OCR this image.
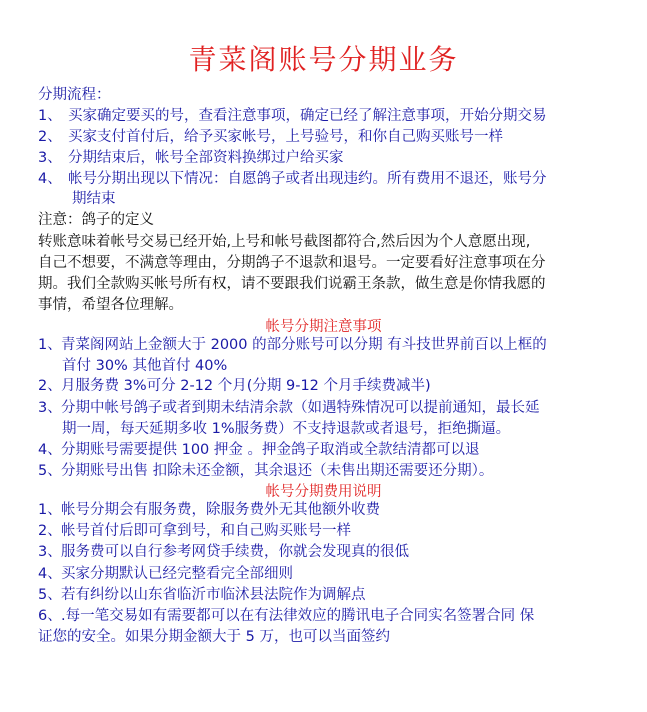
青菜阁账号分期业务
分期流程：
1、 买家确定要买的号，查看注意事项，确定已经了解注意事项，开始分期交易
2、 买家支付首付后，给予买家帐号，上号验号，和你自己购买账号一样
3、 分期结束后，帐号全部资料换绑过户给买家
4、 帐号分期出现以下情况：自愿鸽子或者出现违约。所有费用不退还，账号分
期结束
注意：鸽子的定义
转账意味着帐号交易已经开始,上号和帐号截图都符合,然后因为个人意愿出现,
自己不想要，不满意等理由，分期鸽子不退款和退号。一定要看好注意事项在分
期。我们全款购买帐号所有权，请不要跟我们说霸王条款，做生意是你情我愿的
事情，希望各位理解。
帐号分期注意事项
1、青菜阁网站上金额大于 2000 的部分账号可以分期 有斗技世界前百以上框的
首付 30% 其他首付 40%
2、月服务费 3%可分 2-12 个月(分期 9-12 个月手续费减半)
3、分期中帐号鸽子或者到期未结清余款（如遇特殊情况可以提前通知，最长延
期一周，每天延期多收 1%服务费）不支持退款或者退号，拒绝撕逼。
4、分期账号需要提供 100 押金 。押金鸽子取消或全款结清都可以退
5、分期账号出售 扣除未还金额，其余退还（未售出期还需要还分期）。
帐号分期费用说明
1、帐号分期会有服务费，除服务费外无其他额外收费
2、帐号首付后即可拿到号，和自己购买账号一样
3、服务费可以自行参考网贷手续费，你就会发现真的很低
4、买家分期默认已经完整看完全部细则
5、若有纠纷以山东省临沂市临沭县法院作为调解点
6、.每一笔交易如有需要都可以在有法律效应的腾讯电子合同实名签署合同 保
证您的安全。如果分期金额大于 5 万，也可以当面签约
